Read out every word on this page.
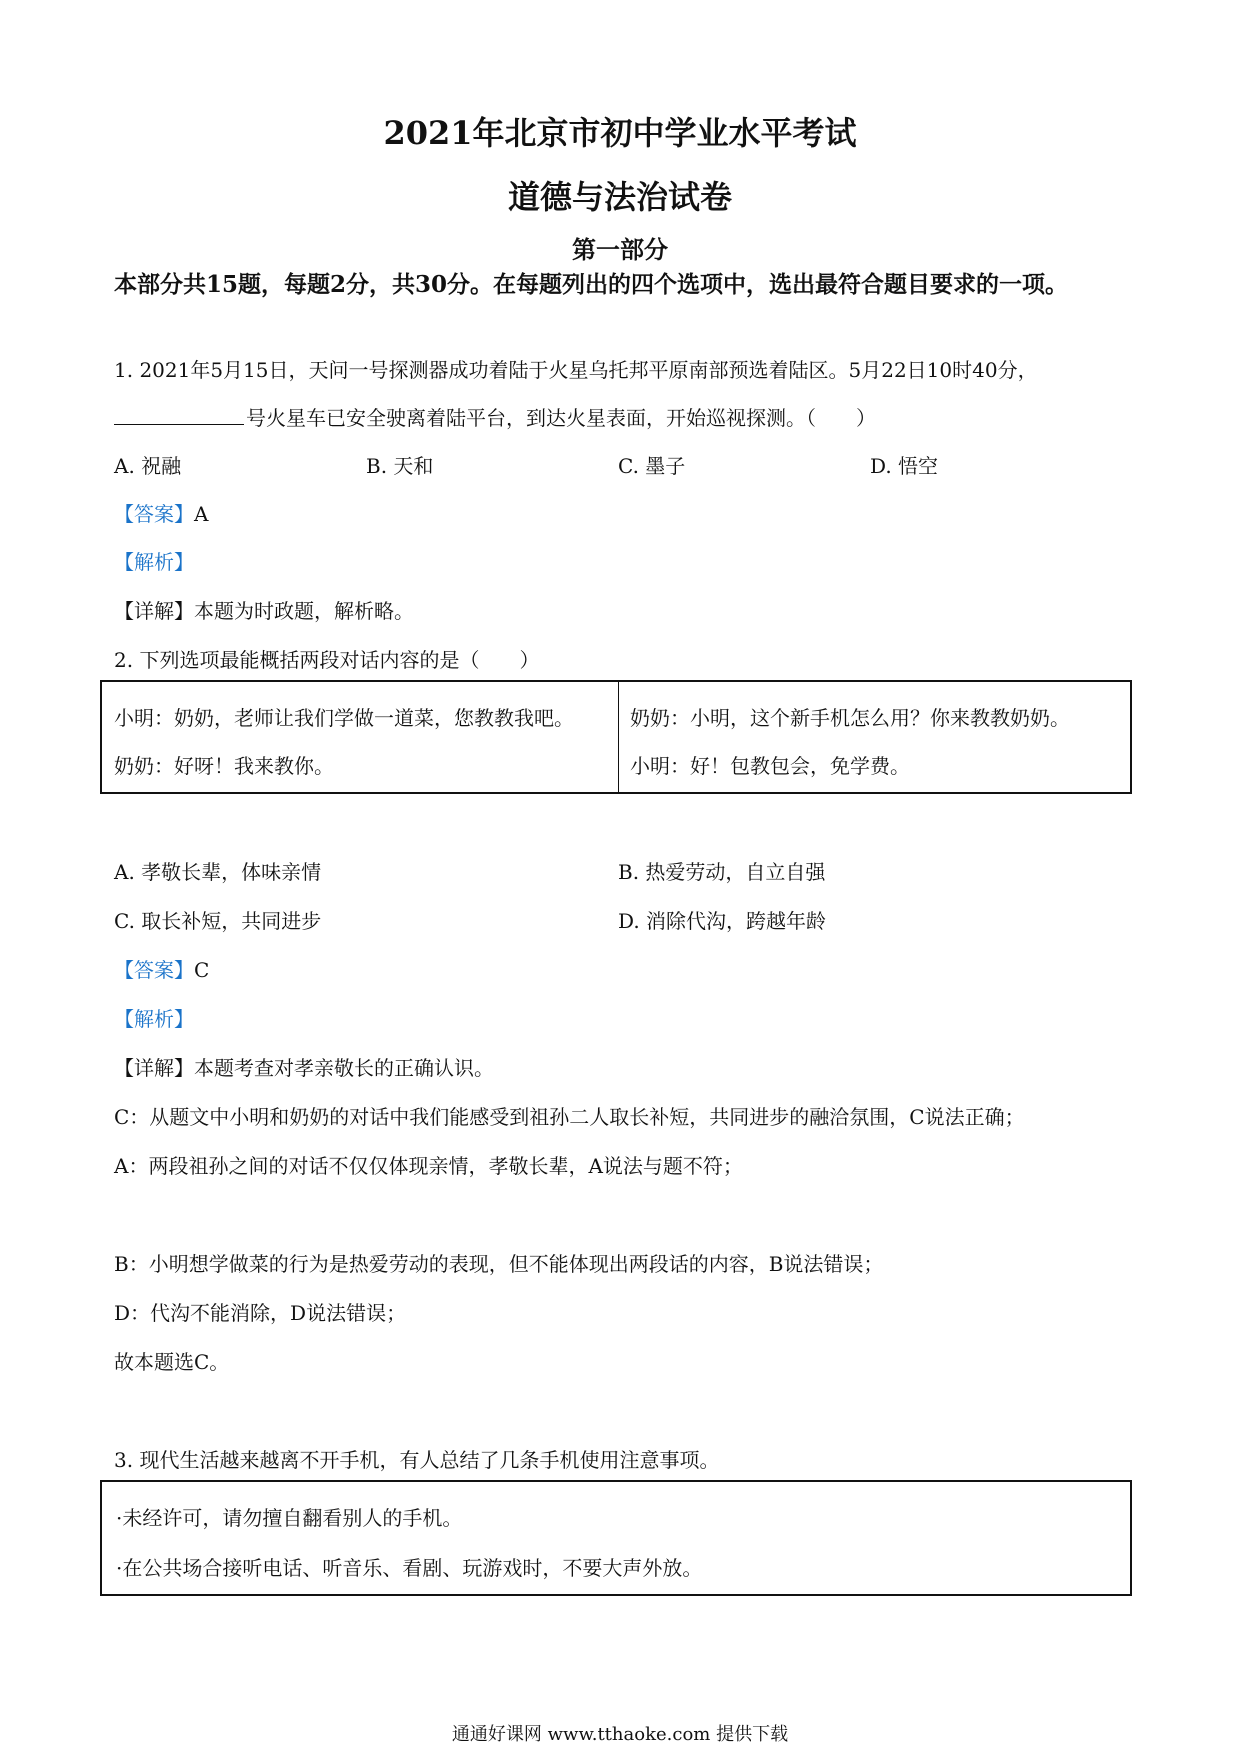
2021年北京市初中学业水平考试
道德与法治试卷
第一部分
本部分共15题，每题2分，共30分。在每题列出的四个选项中，选出最符合题目要求的一项。
1. 2021年5月15日，天问一号探测器成功着陆于火星乌托邦平原南部预选着陆区。5月22日10时40分，
号火星车已安全驶离着陆平台，到达火星表面，开始巡视探测。（　　）
A. 祝融	B. 天和	C. 墨子	D. 悟空
【答案】A
【解析】
【详解】本题为时政题，解析略。
2. 下列选项最能概括两段对话内容的是（　　）
小明：奶奶，老师让我们学做一道菜，您教教我吧。
奶奶：好呀！我来教你。
奶奶：小明，这个新手机怎么用？你来教教奶奶。
小明：好！包教包会，免学费。
A. 孝敬长辈，体味亲情	B. 热爱劳动，自立自强
C. 取长补短，共同进步	D. 消除代沟，跨越年龄
【答案】C
【解析】
【详解】本题考查对孝亲敬长的正确认识。
C：从题文中小明和奶奶的对话中我们能感受到祖孙二人取长补短，共同进步的融洽氛围，C说法正确；
A：两段祖孙之间的对话不仅仅体现亲情，孝敬长辈，A说法与题不符；
B：小明想学做菜的行为是热爱劳动的表现，但不能体现出两段话的内容，B说法错误；
D：代沟不能消除，D说法错误；
故本题选C。
3. 现代生活越来越离不开手机，有人总结了几条手机使用注意事项。
·未经许可，请勿擅自翻看别人的手机。
·在公共场合接听电话、听音乐、看剧、玩游戏时，不要大声外放。
通通好课网 www.tthaoke.com 提供下载
